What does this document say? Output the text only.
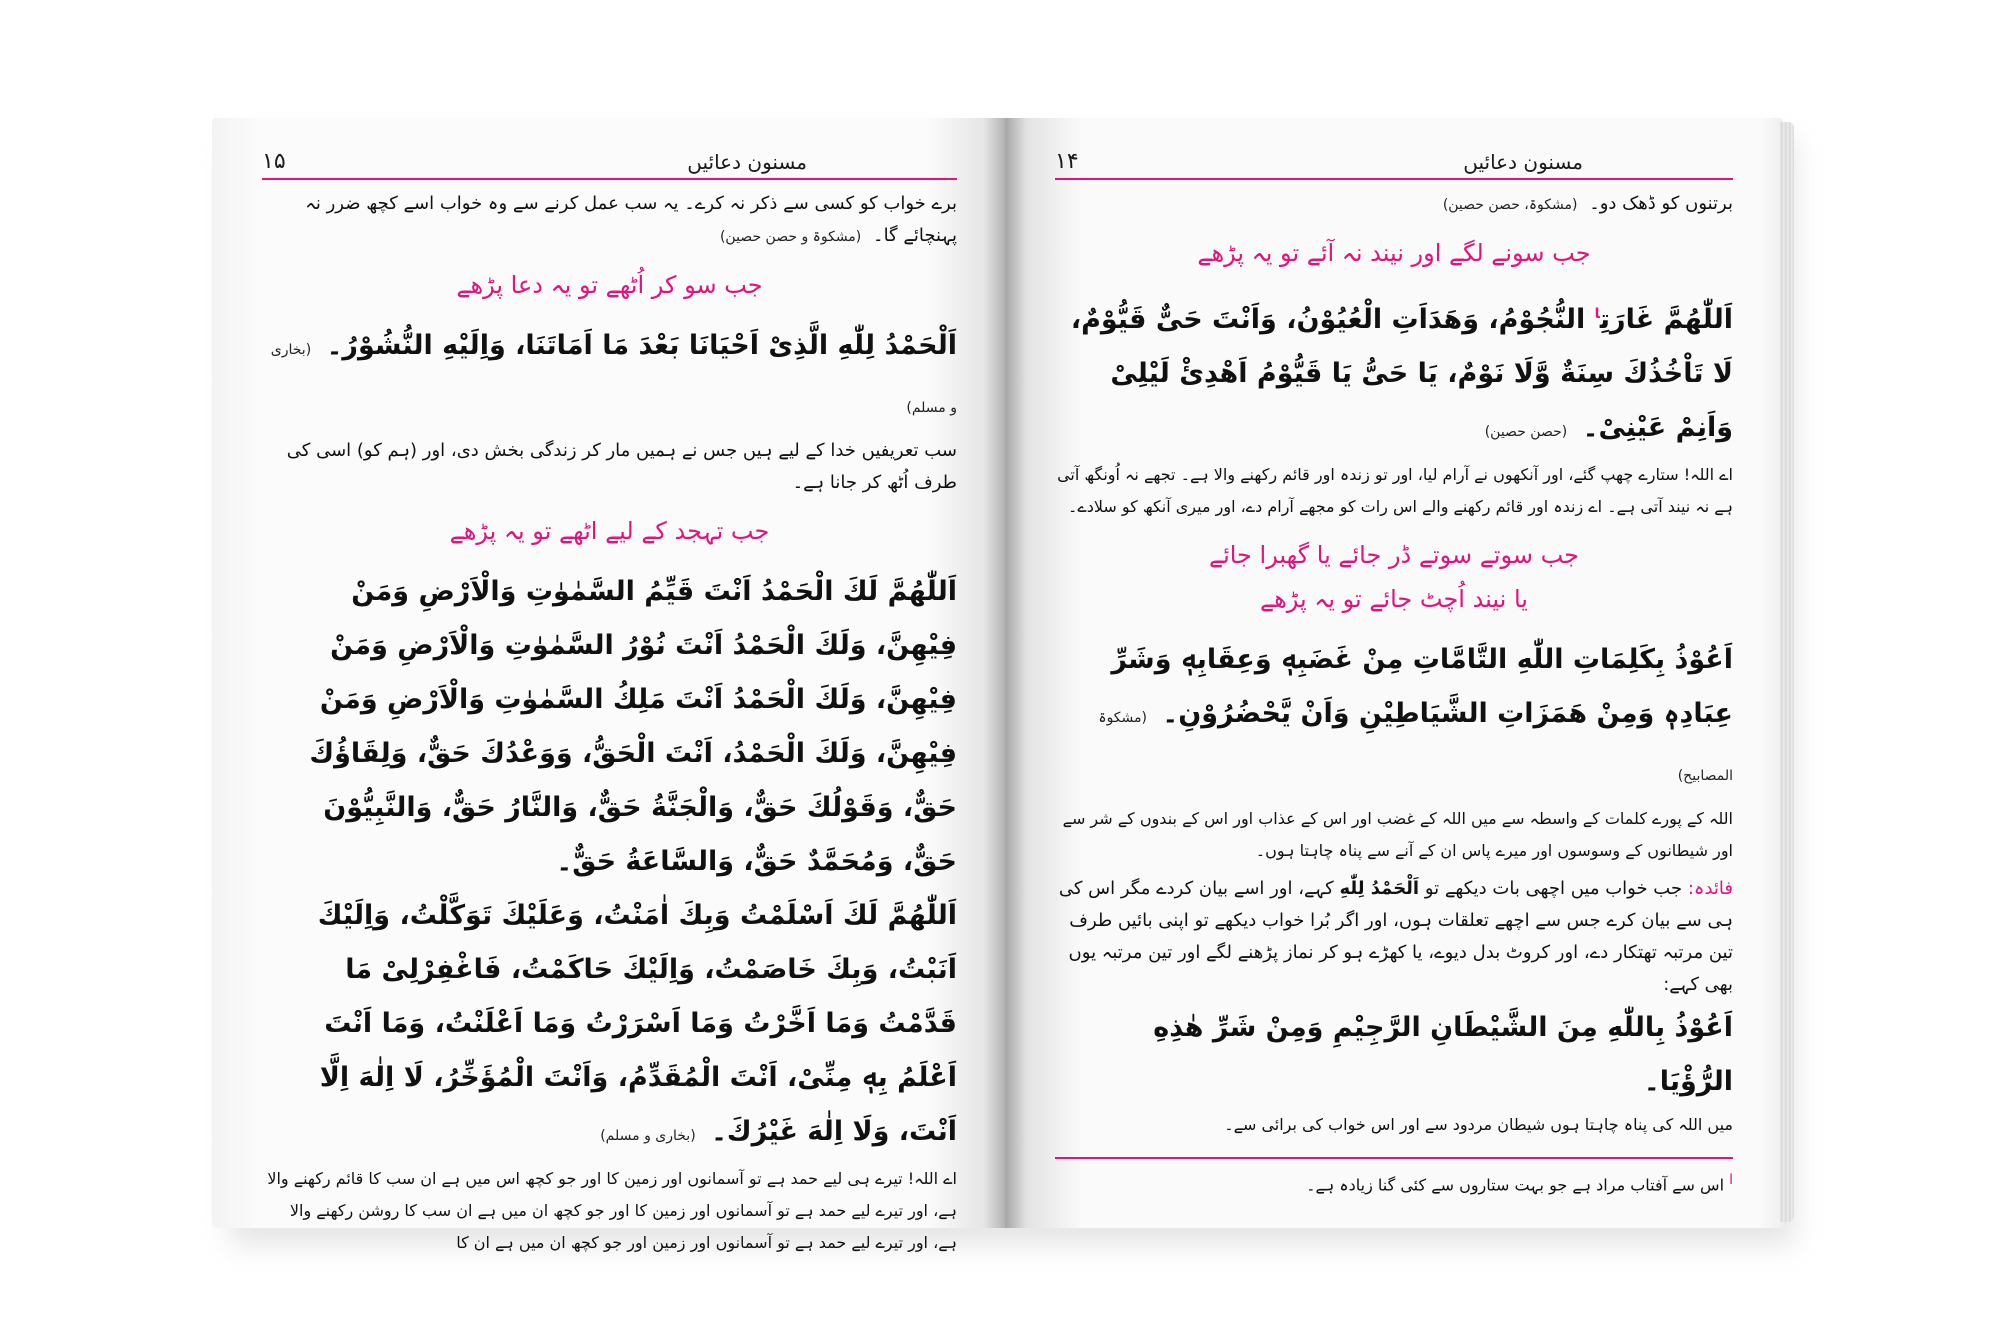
۱۵	مسنون دعائیں

برے خواب کو کسی سے ذکر نہ کرے۔ یہ سب عمل کرنے سے وہ خواب اسے کچھ ضرر نہ پہنچائے گا۔ (مشکوۃ و حصن حصین)

جب سو کر اُٹھے تو یہ دعا پڑھے

اَلْحَمْدُ لِلّٰهِ الَّذِیْ اَحْیَانَا بَعْدَ مَا اَمَاتَنَا، وَاِلَیْهِ النُّشُوْرُ۔ (بخاری و مسلم)

سب تعریفیں خدا کے لیے ہیں جس نے ہمیں مار کر زندگی بخش دی، اور (ہم کو) اسی کی طرف اُٹھ کر جانا ہے۔

جب تہجد کے لیے اٹھے تو یہ پڑھے

اَللّٰهُمَّ لَكَ الْحَمْدُ اَنْتَ قَیِّمُ السَّمٰوٰتِ وَالْاَرْضِ وَمَنْ فِیْهِنَّ، وَلَكَ الْحَمْدُ اَنْتَ نُوْرُ السَّمٰوٰتِ وَالْاَرْضِ وَمَنْ فِیْهِنَّ، وَلَكَ الْحَمْدُ اَنْتَ مَلِكُ السَّمٰوٰتِ وَالْاَرْضِ وَمَنْ فِیْهِنَّ، وَلَكَ الْحَمْدُ، اَنْتَ الْحَقُّ، وَوَعْدُكَ حَقٌّ، وَلِقَاؤُكَ حَقٌّ، وَقَوْلُكَ حَقٌّ، وَالْجَنَّةُ حَقٌّ، وَالنَّارُ حَقٌّ، وَالنَّبِیُّوْنَ حَقٌّ، وَمُحَمَّدٌ حَقٌّ، وَالسَّاعَةُ حَقٌّ۔

اَللّٰهُمَّ لَكَ اَسْلَمْتُ وَبِكَ اٰمَنْتُ، وَعَلَیْكَ تَوَكَّلْتُ، وَاِلَیْكَ اَنَبْتُ، وَبِكَ خَاصَمْتُ، وَاِلَیْكَ حَاكَمْتُ، فَاغْفِرْلِیْ مَا قَدَّمْتُ وَمَا اَخَّرْتُ وَمَا اَسْرَرْتُ وَمَا اَعْلَنْتُ، وَمَا اَنْتَ اَعْلَمُ بِهٖ مِنِّیْ، اَنْتَ الْمُقَدِّمُ، وَاَنْتَ الْمُؤَخِّرُ، لَا اِلٰهَ اِلَّا اَنْتَ، وَلَا اِلٰهَ غَیْرُكَ۔ (بخاری و مسلم)

اے اللہ! تیرے ہی لیے حمد ہے تو آسمانوں اور زمین کا اور جو کچھ اس میں ہے ان سب کا قائم رکھنے والا ہے، اور تیرے لیے حمد ہے تو آسمانوں اور زمین کا اور جو کچھ ان میں ہے ان سب کا روشن رکھنے والا ہے، اور تیرے لیے حمد ہے تو آسمانوں اور زمین اور جو کچھ ان میں ہے ان کا

۱۴	مسنون دعائیں

برتنوں کو ڈھک دو۔ (مشکوۃ، حصن حصین)

جب سونے لگے اور نیند نہ آئے تو یہ پڑھے

اَللّٰهُمَّ غَارَتِ$^ا$ النُّجُوْمُ، وَهَدَاَتِ الْعُیُوْنُ، وَاَنْتَ حَیٌّ قَیُّوْمٌ، لَا تَاْخُذُكَ سِنَةٌ وَّلَا نَوْمٌ، یَا حَیُّ یَا قَیُّوْمُ اَهْدِئْ لَیْلِیْ وَاَنِمْ عَیْنِیْ۔ (حصن حصین)

اے اللہ! ستارے چھپ گئے، اور آنکھوں نے آرام لیا، اور تو زندہ اور قائم رکھنے والا ہے۔ تجھے نہ اُونگھ آتی ہے نہ نیند آتی ہے۔ اے زندہ اور قائم رکھنے والے اس رات کو مجھے آرام دے، اور میری آنکھ کو سلادے۔

جب سوتے سوتے ڈر جائے یا گھبرا جائے
یا نیند اُچٹ جائے تو یہ پڑھے

اَعُوْذُ بِكَلِمَاتِ اللّٰهِ التَّامَّاتِ مِنْ غَضَبِهٖ وَعِقَابِهٖ وَشَرِّ عِبَادِهٖ وَمِنْ هَمَزَاتِ الشَّیَاطِیْنِ وَاَنْ یَّحْضُرُوْنِ۔ (مشکوۃ المصابیح)

اللہ کے پورے کلمات کے واسطہ سے میں اللہ کے غضب اور اس کے عذاب اور اس کے بندوں کے شر سے اور شیطانوں کے وسوسوں اور میرے پاس ان کے آنے سے پناہ چاہتا ہوں۔

فائدہ: جب خواب میں اچھی بات دیکھے تو اَلْحَمْدُ لِلّٰهِ کہے، اور اسے بیان کردے مگر اس کی ہی سے بیان کرے جس سے اچھے تعلقات ہوں، اور اگر بُرا خواب دیکھے تو اپنی بائیں طرف تین مرتبہ تھتکار دے، اور کروٹ بدل دیوے، یا کھڑے ہو کر نماز پڑھنے لگے اور تین مرتبہ یوں بھی کہے:

اَعُوْذُ بِاللّٰهِ مِنَ الشَّیْطَانِ الرَّجِیْمِ وَمِنْ شَرِّ هٰذِهِ الرُّؤْیَا۔

میں اللہ کی پناہ چاہتا ہوں شیطان مردود سے اور اس خواب کی برائی سے۔

ا اس سے آفتاب مراد ہے جو بہت ستاروں سے کئی گنا زیادہ ہے۔
